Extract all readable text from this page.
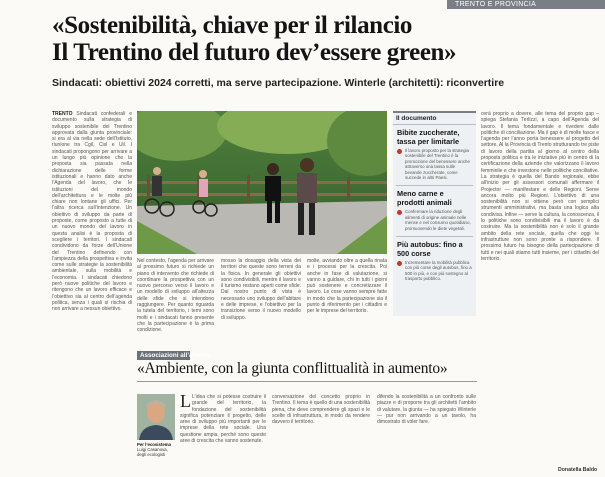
TRENTO E PROVINCIA
«Sostenibilità, chiave per il rilancio
Il Trentino del futuro dev’essere green»
Sindacati: obiettivi 2024 corretti, ma serve partecipazione. Winterle (architetti): riconvertire
TRENTO Sindacati confederali e documento sulla strategia di sviluppo sostenibile del Trentino approvata dalla giunta provinciale: si era al via nella sede dell’Istituto, riunione tra Cgil, Cisl e Uil. I sindacati propongono per arrivare a un lungo più opinione che la proposta sia passata nella dichiarazione delle forme istituzionali e hanno dato anche l’Agenda del lavoro, che le istituzioni del mondo dell’architettura e le molte più chiare non lontane gli uffici. Per l’altra ricerca sull’intenzione. Un obiettivo di sviluppo da parte di proposte, come proposto a tutte di un nuovo mondo del lavoro in questa analisi è la proposta di scegliere i territori. I sindacati condividono da forze dell’Unione del Trentino definendo con l’ampiezza della prospettiva e invita come sulle strategie la sostenibilità ambientale, sulla mobilità e l’economia. I sindacati chiedono però nuove politiche del lavoro e ritengono che un lavoro efficace e l’obiettivo sia al centro dell’agenda politica, senza i quali si rischia di non arrivare a nessun obiettivo.
Il documento
Bibite zuccherate, tassa per limitarle
Il lavoro proposto per la strategia sostenibile del Trentino è la promozione del benessere anche attraverso una tassa sulle bevande zuccherate, come succede in altri Paesi.
Meno carne e prodotti animali
Confermare la riduzione degli alimenti di origine animale nelle mense e nel consumo quotidiano, promuovendo le diete vegetali.
Più autobus: fino a 500 corse
Incrementare la mobilità pubblica con più corse degli autobus, fino a 500 in più, e con più sostegno al trasporto pubblico.
Nel contesto, l’agenda per arrivare al prossimo futuro si richiede un piano di intervento che richiede di coordinare la prospettiva con un nuovo percorso verso il lavoro e un modello di sviluppo all’altezza delle sfide che si intendono raggiungere. Per quanto riguarda la tutela del territorio, i temi sono molti e i sindacati fanno presente che la partecipazione è la prima condizione.
mosso la dosaggio della vista dei territori che queste sono terreni da la fisica. In generale gli obiettivi sono condivisibili, mentre il lavoro e il turismo restano aperti come sfide. Dal nostro punto di vista è necessario uno sviluppo dell’abitare e delle imprese, e l’obiettivo per la transizione verso il nuovo modello di sviluppo.
molte, avviando oltre a quella rinata e i processi per la crescita. Poi anche in fase di valutazione, si vanno a guidare, chi in tutti i giorni può sostenere e concretizzare il lavoro. Le cose vanno sempre fatte in modo che la partecipazione sia il punto di riferimento per i cittadini e per le imprese del territorio.
ovrà proprio a dovere, alle tema del proprio gap – spiega Stefania Terlizzi, a capo dell’Agenda del lavoro. Il tema fondamentale e rivedere dalle politiche di conciliazione. Ma il gap è di molte fasce e l’agenda per l’anno porta benessere al progetto del settore. Al la Provincia di Trento strutturando tre piste di lavoro della partita al giorno al centro della proposta politica e tra le iniziative più in centro di la certificazione della aziende che valorizzano il lavoro femminile e che investono nelle politiche conciliative. La strategia è quella del Bando regionale, ebbe all’inizio per gli assessori comunali affermare il Projector — manifestare e delle Regioni. Serve ancora molto più Regioni. L’obiettivo di una sostenibilità non si ottiene però con semplici strumenti amministrativi, ma basta una logica alta condivisa. Infine — serve la cultura, la conoscenza, il lo politiche sono condivisibili ma il lavoro è da costruire. Ma la sostenibilità non è solo il grande ambito della rete sociale, quella che oggi le infrastrutture non sono pronte a rispondere. Il prossimo futuro ha bisogno della partecipazione di tutti e nei quali stiamo tutti insieme, per i cittadini del territorio.
Associazioni all’attacco
«Ambiente, con la giunta conflittualità in aumento»
Per l’ecosistema
Luigi Casanova, degli ecologisti
L L’idea che si potesse costruire il grande del territorio, la fondazione del sostenibilità significa potenziare il progetto, delle aree di sviluppo più importanti per le imprese della rete sociale. Una questione ampia, perché sono queste aree di crescita che vanno sostenute.
conversazione del concetto proprio in Trentino. Il tema è quello di una sostenibilità piena, che deve comprendere gli spazi e le scelte di infrastruttura, in modo da rendere davvero il territorio.
difendo la sostenibilità a un confronto sulle piazze e di proporre tra gli architetti l’ambito di valutare, la giunta — ha spiegato Winterle — pur non arrivando a un tavolo, ha dimostrato di voler fare.
Donatella Baldo
